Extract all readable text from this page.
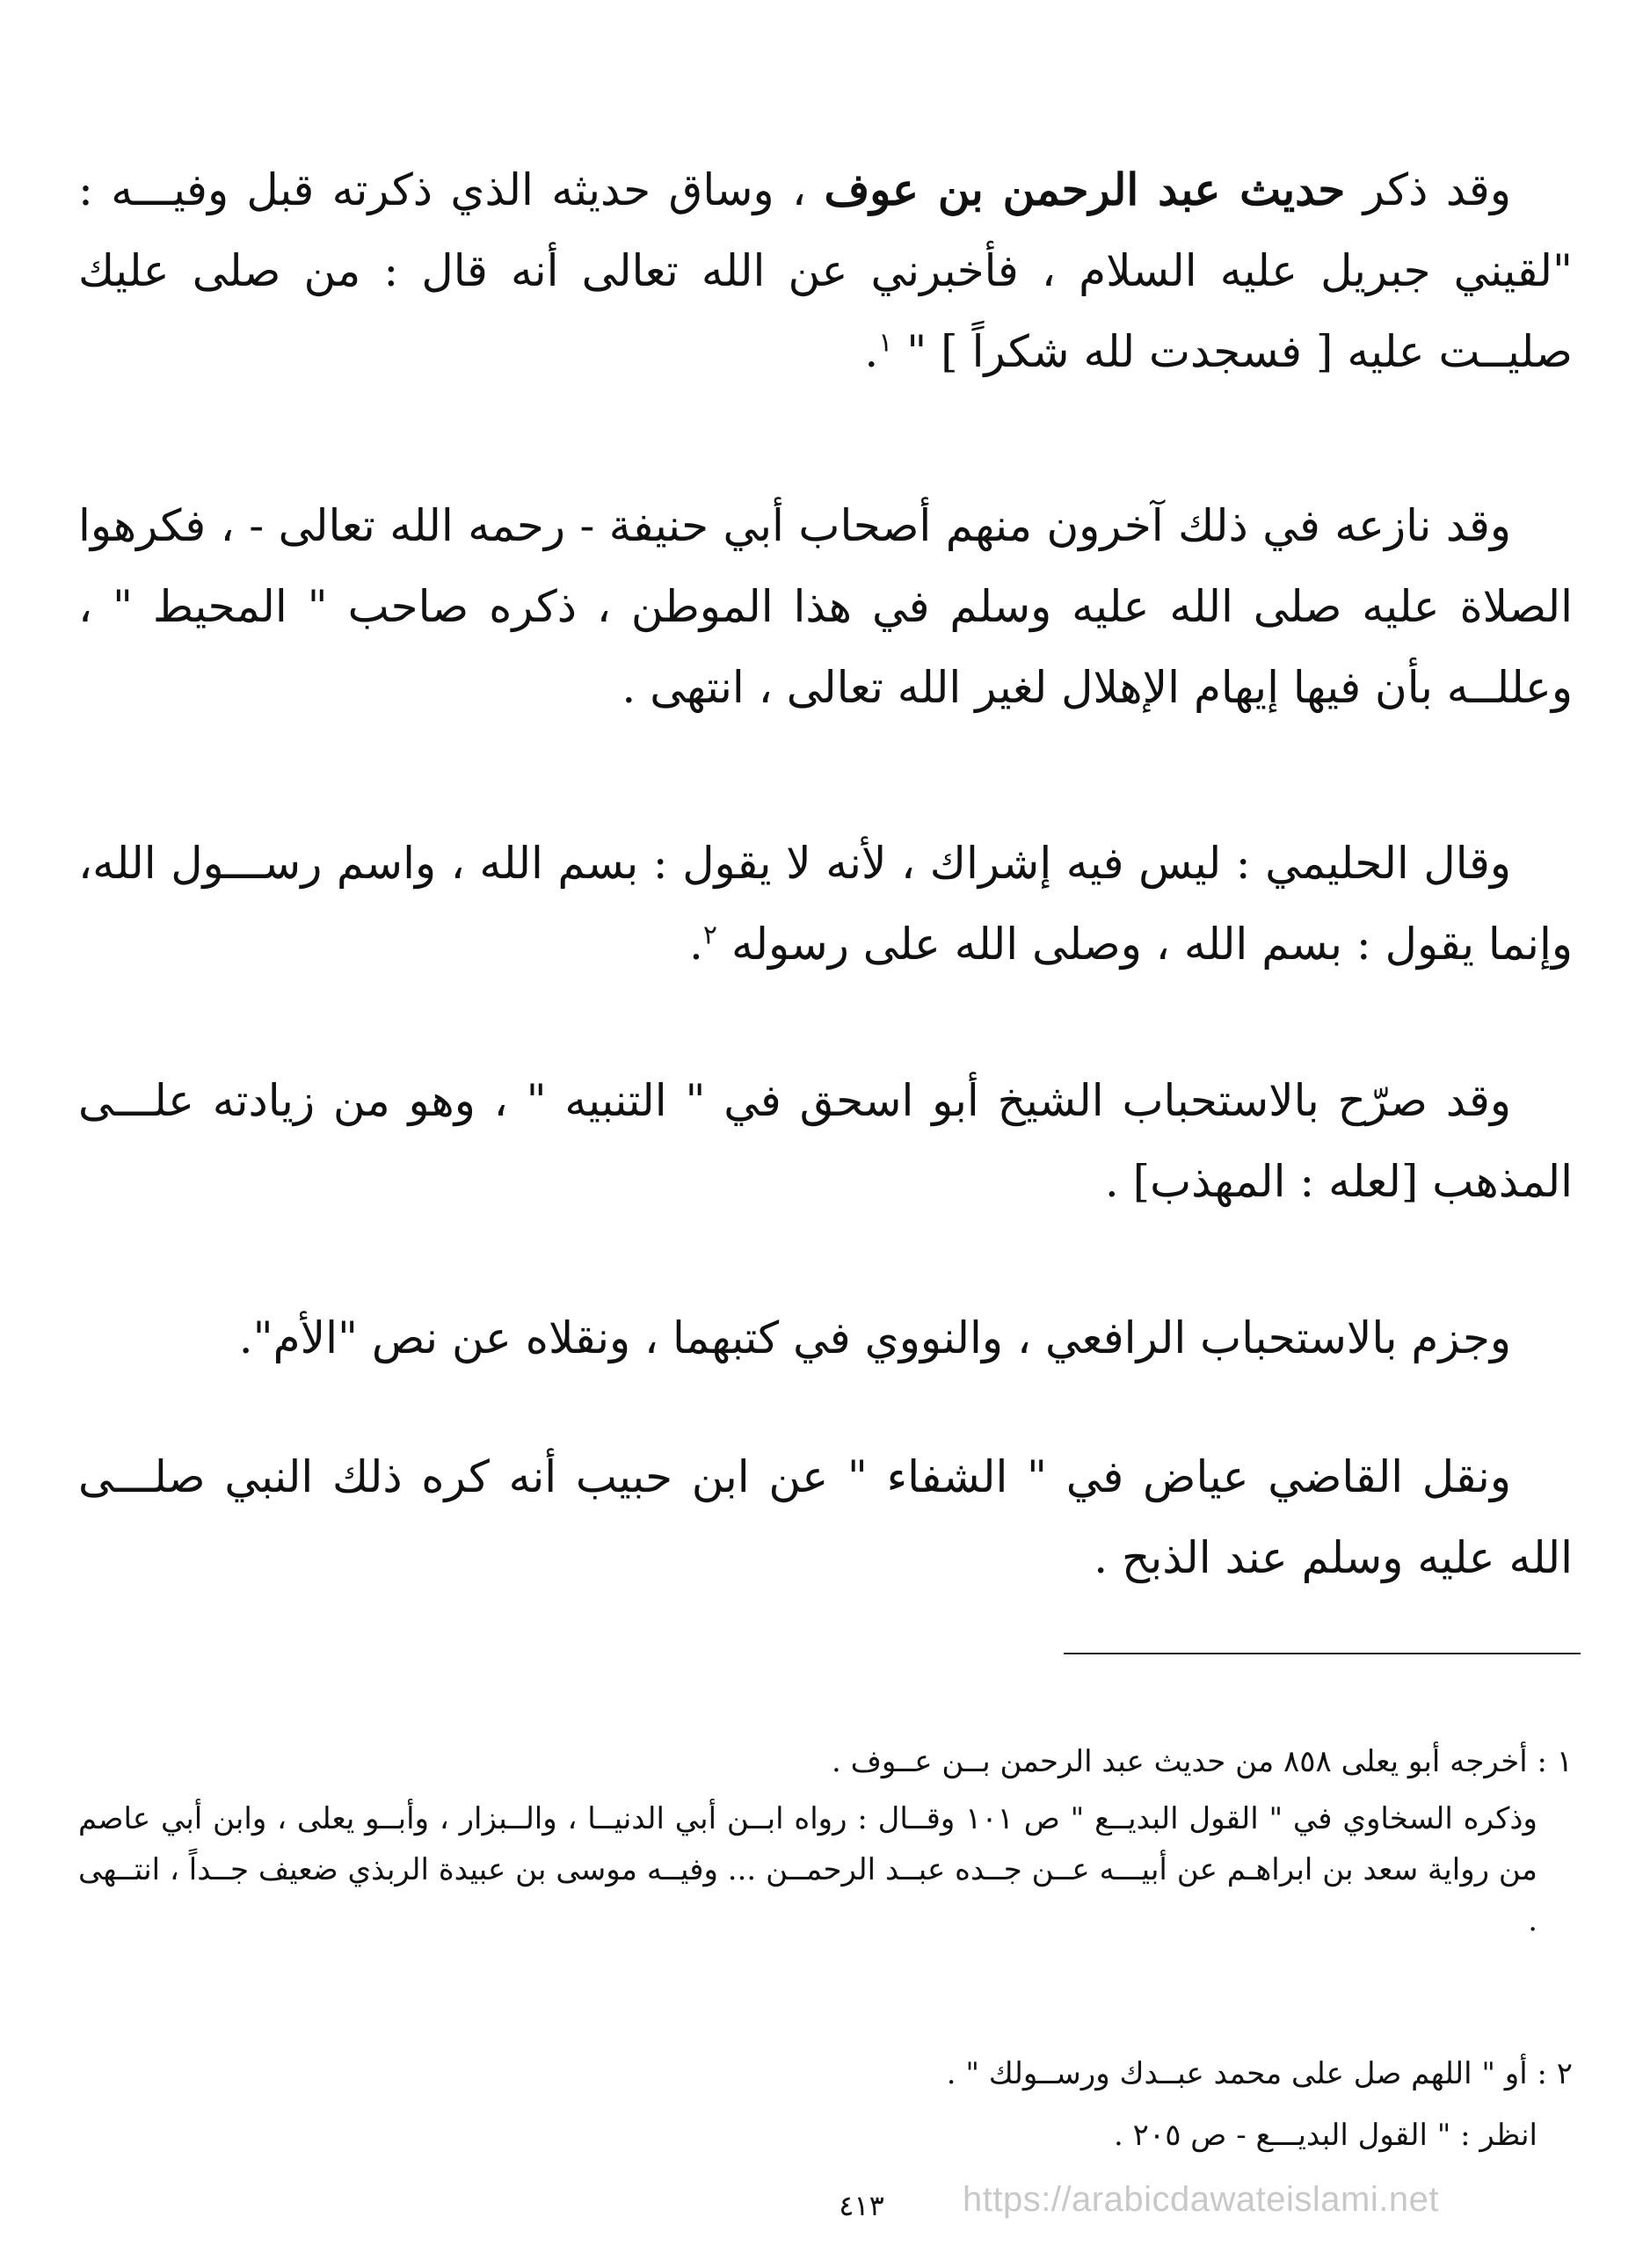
وقد ذكر حديث عبد الرحمن بن عوف ، وساق حديثه الذي ذكرته قبل وفيـــه : "لقيني جبريل عليه السلام ، فأخبرني عن الله تعالى أنه قال : من صلى عليك صليــت عليه [ فسجدت لله شكراً ] " $^١$.

وقد نازعه في ذلك آخرون منهم أصحاب أبي حنيفة - رحمه الله تعالى - ، فكرهوا الصلاة عليه صلى الله عليه وسلم في هذا الموطن ، ذكره صاحب " المحيط " ، وعللــه بأن فيها إيهام الإهلال لغير الله تعالى ، انتهى .

وقال الحليمي : ليس فيه إشراك ، لأنه لا يقول : بسم الله ، واسم رســـول الله، وإنما يقول : بسم الله ، وصلى الله على رسوله $^٢$.

وقد صرّح بالاستحباب الشيخ أبو اسحق في " التنبيه " ، وهو من زيادته علـــى المذهب [لعله : المهذب] .

وجزم بالاستحباب الرافعي ، والنووي في كتبهما ، ونقلاه عن نص "الأم".

ونقل القاضي عياض في " الشفاء " عن ابن حبيب أنه كره ذلك النبي صلـــى الله عليه وسلم عند الذبح .

١ : أخرجه أبو يعلى ٨٥٨ من حديث عبد الرحمن بــن عــوف .

وذكره السخاوي في " القول البديــع " ص ١٠١ وقــال : رواه ابــن أبي الدنيــا ، والــبزار ، وأبــو يعلى ، وابن أبي عاصم من رواية سعد بن ابراهـم عن أبيـــه عــن جــده عبــد الرحمــن ... وفيــه موسى بن عبيدة الربذي ضعيف جــداً ، انتــهى .

٢ : أو " اللهم صل على محمد عبــدك ورســولك " .

انظر : " القول البديـــع - ص ٢٠٥ .

٤١٣	https://arabicdawateislami.net
